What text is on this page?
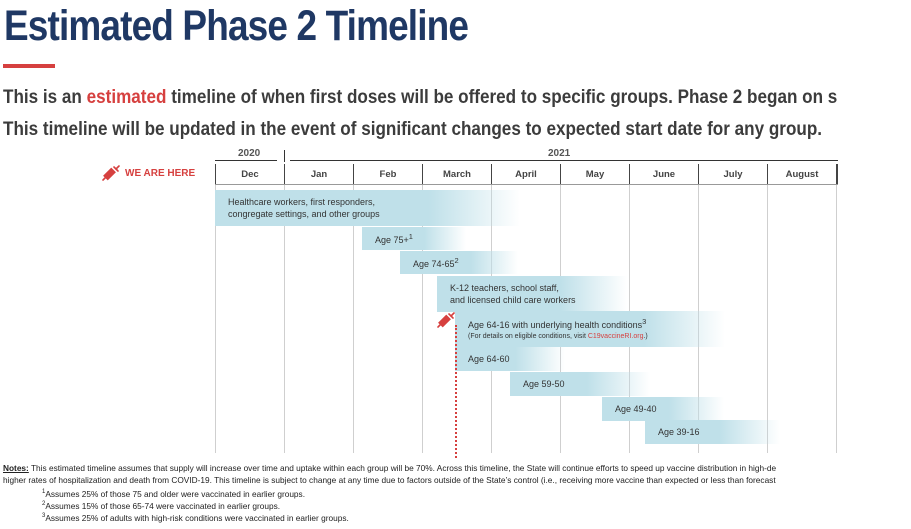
Estimated Phase 2 Timeline
This is an estimated timeline of when first doses will be offered to specific groups. Phase 2 began on s
This timeline will be updated in the event of significant changes to expected start date for any group.
2020	2021
WE ARE HERE	Dec	Jan	Feb	March	April	May	June	July	August
Healthcare workers, first responders,
congregate settings, and other groups
Age 75+$^1$
Age $74-65^2$
K-12 teachers, school staff,
and licensed child care workers
Age 64-16 with underlying health conditions$^3$
(For details on eligible conditions, visit C19vaccineRI.org.)
Age 64-60
Age 59-50
Age 49-40
Age 39-16
Notes: This estimated timeline assumes that supply will increase over time and uptake within each group will be 70%. Across this timeline, the State will continue efforts to speed up vaccine distribution in high-de
higher rates of hospitalization and death from COVID-19. This timeline is subject to change at any time due to factors outside of the State’s control (i.e., receiving more vaccine than expected or less than forecast
$^1$Assumes 25% of those 75 and older were vaccinated in earlier groups.
$^2$Assumes 15% of those 65-74 were vaccinated in earlier groups.
$^3$Assumes 25% of adults with high-risk conditions were vaccinated in earlier groups.
